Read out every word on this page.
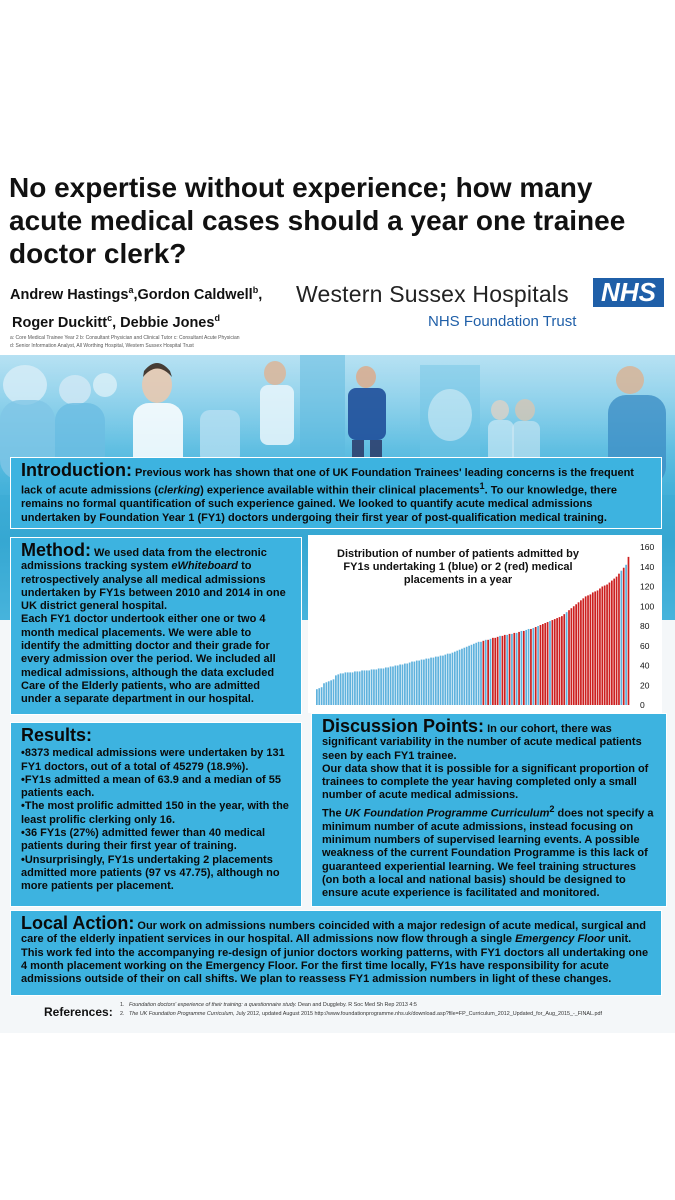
No expertise without experience; how many acute medical cases should a year one trainee doctor clerk?
Andrew Hastings$^a$,Gordon Caldwell$^b$,
Roger Duckitt$^c$, Debbie Jones$^d$
a: Core Medical Trainee Year 2 b: Consultant Physician and Clinical Tutor c: Consultant Acute Physician
d: Senior Information Analyst, All Worthing Hospital, Western Sussex Hospital Trust
Western Sussex Hospitals	NHS
NHS Foundation Trust

Introduction: Previous work has shown that one of UK Foundation Trainees' leading concerns is the frequent lack of acute admissions (clerking) experience available within their clinical placements$^1$. To our knowledge, there remains no formal quantification of such experience gained. We looked to quantify acute medical admissions undertaken by Foundation Year 1 (FY1) doctors undergoing their first year of post-qualification medical training.

Method: We used data from the electronic admissions tracking system eWhiteboard to retrospectively analyse all medical admissions undertaken by FY1s between 2010 and 2014 in one UK district general hospital.

Each FY1 doctor undertook either one or two 4 month medical placements. We were able to identify the admitting doctor and their grade for every admission over the period. We included all medical admissions, although the data excluded Care of the Elderly patients, who are admitted under a separate department in our hospital.

Distribution of number of patients admitted by FY1s undertaking 1 (blue) or 2 (red) medical placements in a year
0
20
40
60
80
100
120
140
160

Results:

•8373 medical admissions were undertaken by 131 FY1 doctors, out of a total of 45279 (18.9%).

•FY1s admitted a mean of 63.9 and a median of 55 patients each.

•The most prolific admitted 150 in the year, with the least prolific clerking only 16.

•36 FY1s (27%) admitted fewer than 40 medical patients during their first year of training.

•Unsurprisingly, FY1s undertaking 2 placements admitted more patients (97 vs 47.75), although no more patients per placement.

Discussion Points: In our cohort, there was significant variability in the number of acute medical patients seen by each FY1 trainee.

Our data show that it is possible for a significant proportion of trainees to complete the year having completed only a small number of acute medical admissions.

The UK Foundation Programme Curriculum$^2$ does not specify a minimum number of acute admissions, instead focusing on minimum numbers of supervised learning events. A possible weakness of the current Foundation Programme is this lack of guaranteed experiential learning. We feel training structures (on both a local and national basis) should be designed to ensure acute experience is facilitated and monitored.

Local Action: Our work on admissions numbers coincided with a major redesign of acute medical, surgical and care of the elderly inpatient services in our hospital. All admissions now flow through a single Emergency Floor unit. This work fed into the accompanying re-design of junior doctors working patterns, with FY1 doctors all undertaking one 4 month placement working on the Emergency Floor. For the first time locally, FY1s have responsibility for acute admissions outside of their on call shifts. We plan to reassess FY1 admission numbers in light of these changes.

References: 1. Foundation doctors' experience of their training: a questionnaire study. Dean and Duggleby. R Soc Med Sh Rep 2013 4:5
2. The UK Foundation Programme Curriculum, July 2012, updated August 2015 http://www.foundationprogramme.nhs.uk/download.asp?file=FP_Curriculum_2012_Updated_for_Aug_2015_-_FINAL.pdf
